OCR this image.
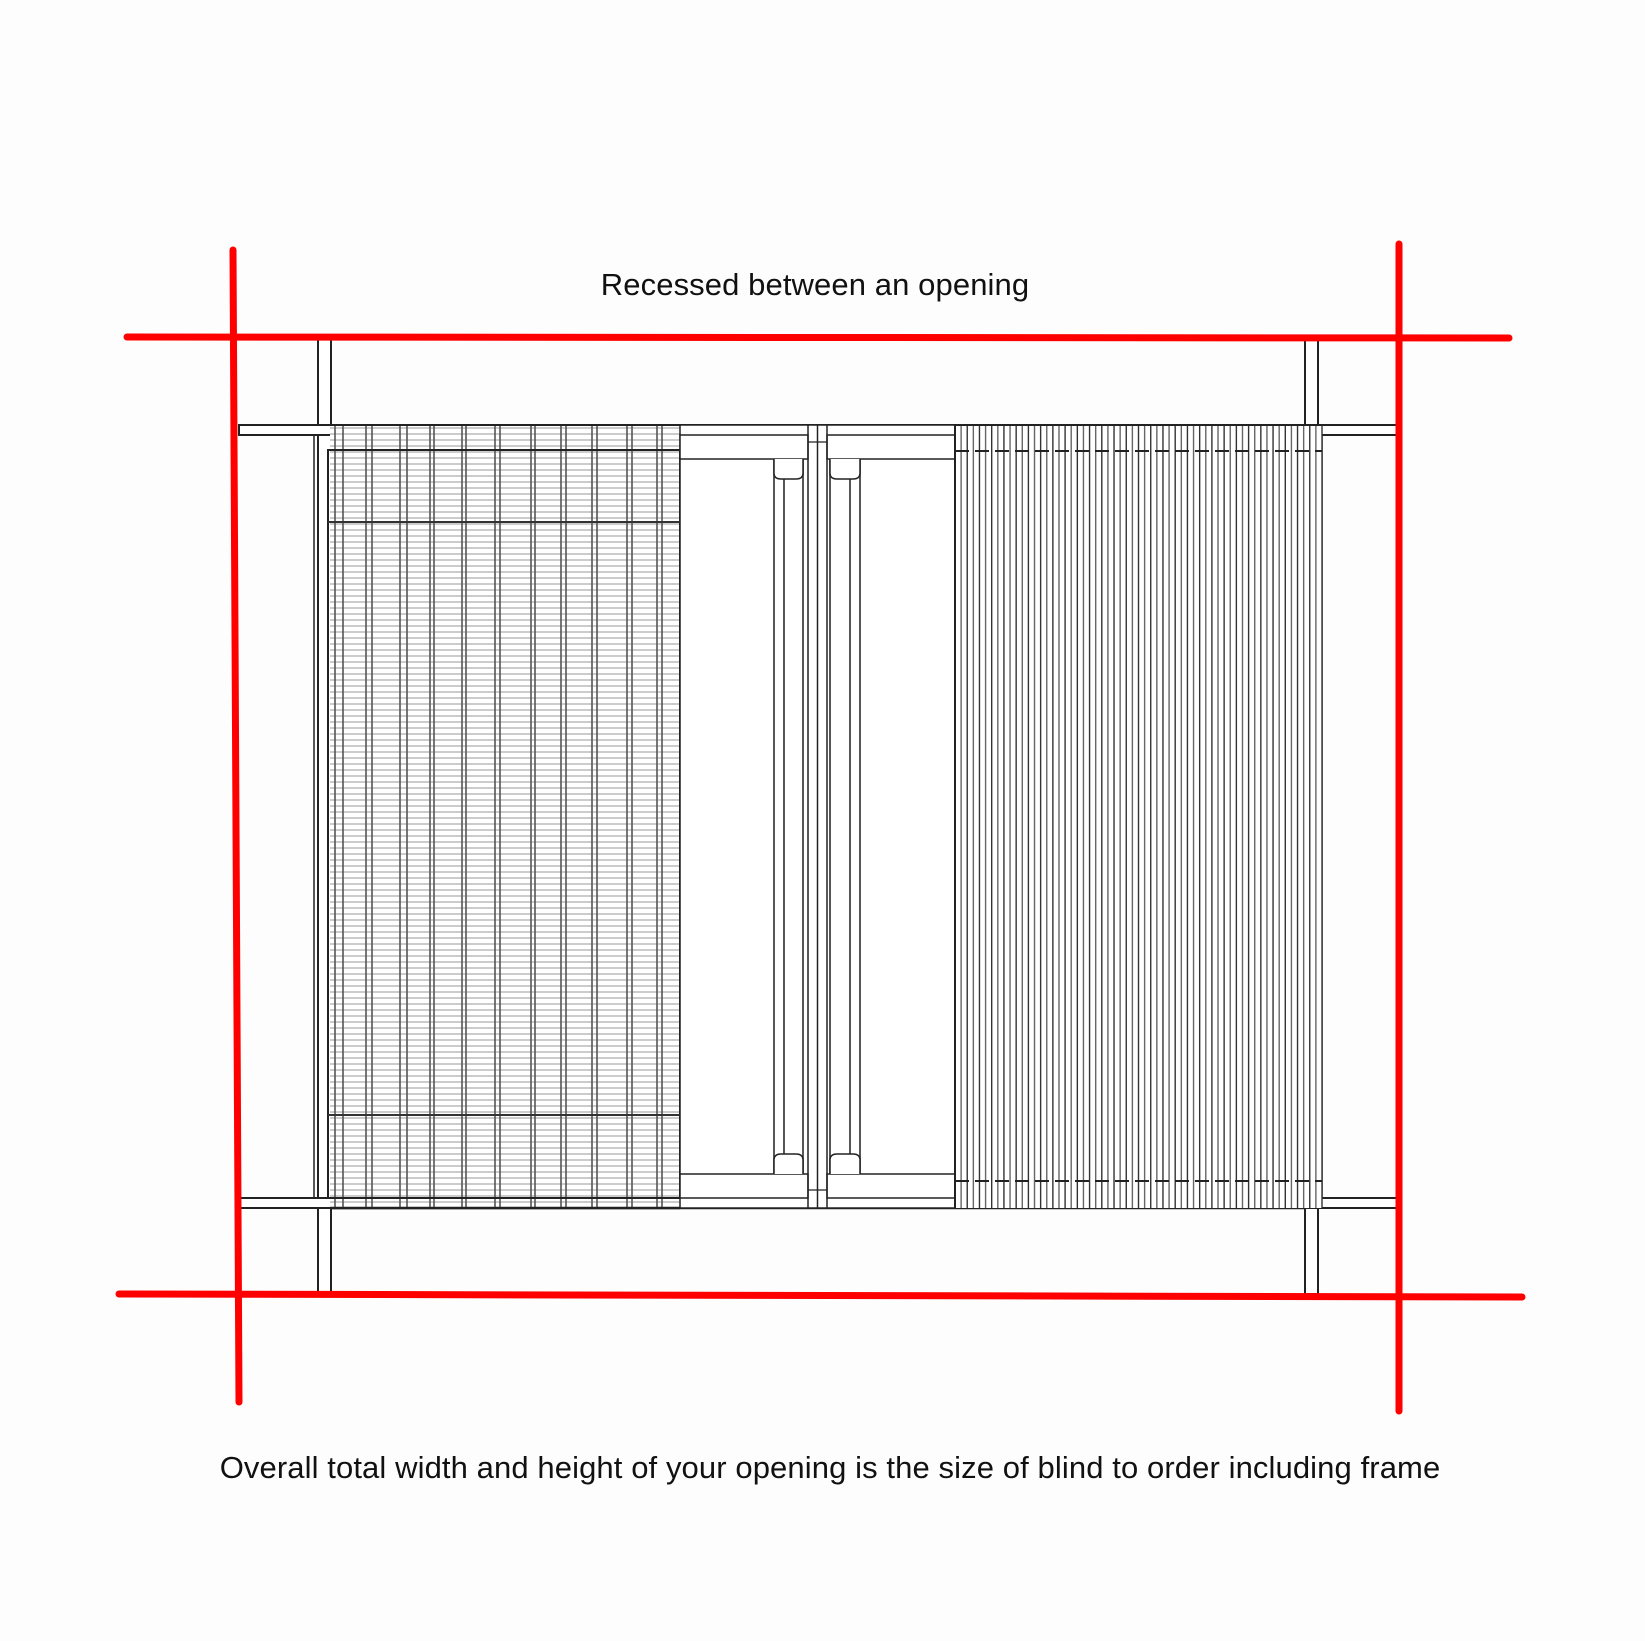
Recessed between an opening
Overall total width and height of your opening is the size of blind to order including frame
